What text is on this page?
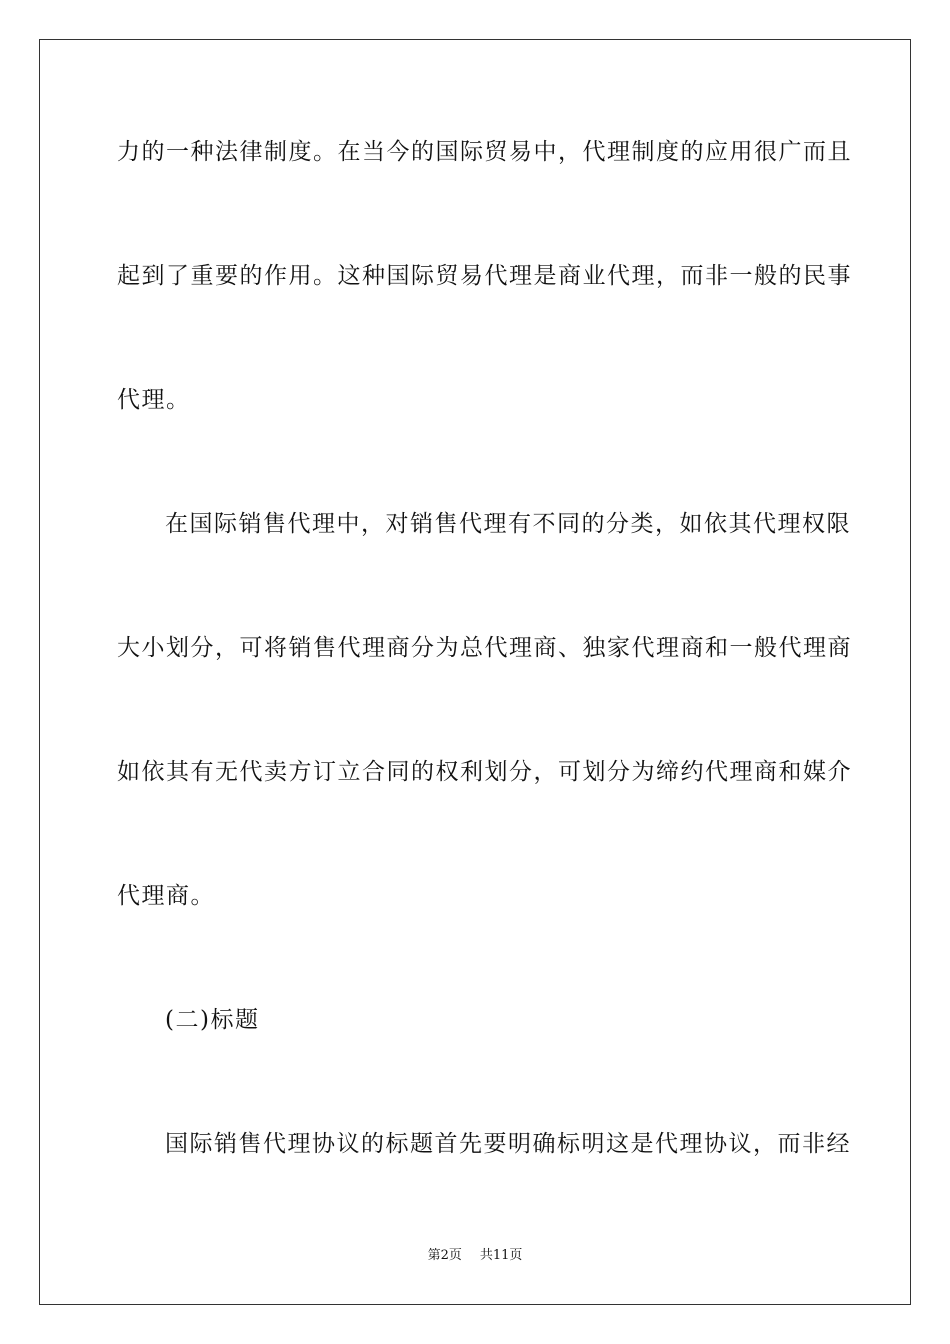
力的一种法律制度。在当今的国际贸易中，代理制度的应用很广而且
起到了重要的作用。这种国际贸易代理是商业代理，而非一般的民事
代理。
在国际销售代理中，对销售代理有不同的分类，如依其代理权限
大小划分，可将销售代理商分为总代理商、独家代理商和一般代理商
如依其有无代卖方订立合同的权利划分，可划分为缔约代理商和媒介
代理商。
(二)标题
国际销售代理协议的标题首先要明确标明这是代理协议，而非经
第2页 共11页
